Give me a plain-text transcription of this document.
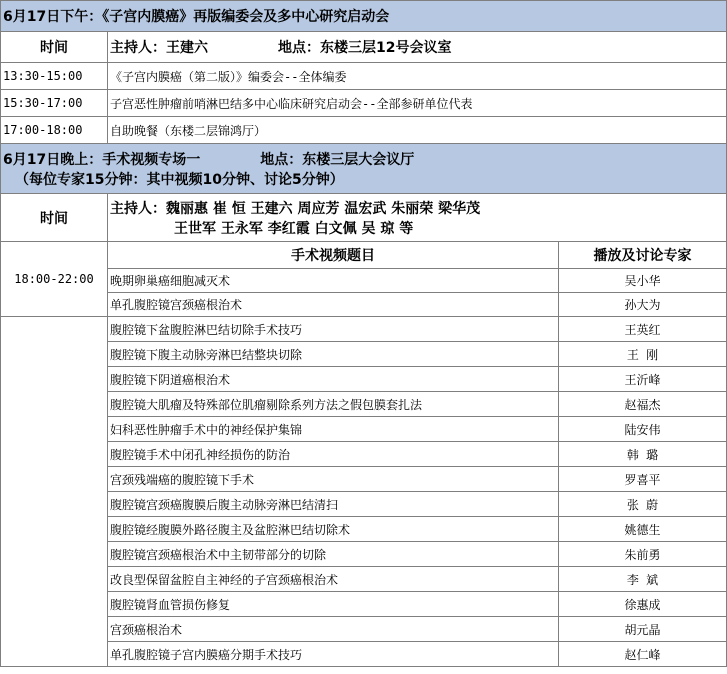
6月17日下午：《子宫内膜癌》再版编委会及多中心研究启动会		
时间	主持人：王建六 地点：东楼三层12号会议室	
13:30-15:00	《子宫内膜癌（第二版）》编委会--全体编委	
15:30-17:00	子宫恶性肿瘤前哨淋巴结多中心临床研究启动会--全部参研单位代表	
17:00-18:00	自助晚餐（东楼二层锦鸿厅）	

6月17日晚上：手术视频专场一 地点：东楼三层大会议厅
（每位专家15分钟：其中视频10分钟、讨论5分钟）		

时间	主持人：魏丽惠 崔 恒 王建六 周应芳 温宏武 朱丽荣 梁华茂
王世军 王永军 李红霞 白文佩 吴 琼 等	

18:00-22:00	手术视频题目	播放及讨论专家
	晚期卵巢癌细胞减灭术	吴小华
	单孔腹腔镜宫颈癌根治术	孙大为
	腹腔镜下盆腹腔淋巴结切除手术技巧	王英红
	腹腔镜下腹主动脉旁淋巴结整块切除	王 刚
	腹腔镜下阴道癌根治术	王沂峰
	腹腔镜大肌瘤及特殊部位肌瘤剔除系列方法之假包膜套扎法	赵福杰
	妇科恶性肿瘤手术中的神经保护集锦	陆安伟
	腹腔镜手术中闭孔神经损伤的防治	韩 璐
	宫颈残端癌的腹腔镜下手术	罗喜平
	腹腔镜宫颈癌腹膜后腹主动脉旁淋巴结清扫	张 蔚
	腹腔镜经腹膜外路径腹主及盆腔淋巴结切除术	姚德生
	腹腔镜宫颈癌根治术中主韧带部分的切除	朱前勇
	改良型保留盆腔自主神经的子宫颈癌根治术	李 斌
	腹腔镜肾血管损伤修复	徐惠成
	宫颈癌根治术	胡元晶
	单孔腹腔镜子宫内膜癌分期手术技巧	赵仁峰
